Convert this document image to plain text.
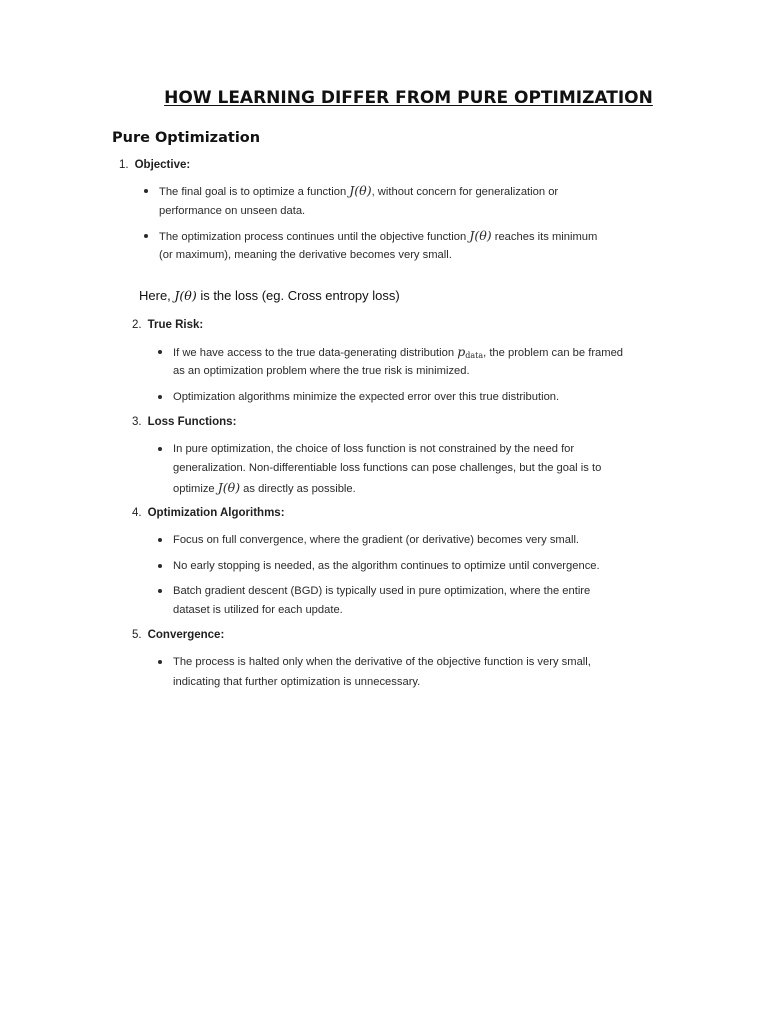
HOW LEARNING DIFFER FROM PURE OPTIMIZATION
Pure Optimization
1. Objective:
The final goal is to optimize a function J(θ), without concern for generalization or
performance on unseen data.
The optimization process continues until the objective function J(θ) reaches its minimum
(or maximum), meaning the derivative becomes very small.
Here, J(θ) is the loss (eg. Cross entropy loss)
2. True Risk:
If we have access to the true data-generating distribution $p_{data}$, the problem can be framed
as an optimization problem where the true risk is minimized.
Optimization algorithms minimize the expected error over this true distribution.
3. Loss Functions:
In pure optimization, the choice of loss function is not constrained by the need for
generalization. Non-differentiable loss functions can pose challenges, but the goal is to
optimize J(θ) as directly as possible.
4. Optimization Algorithms:
Focus on full convergence, where the gradient (or derivative) becomes very small.
No early stopping is needed, as the algorithm continues to optimize until convergence.
Batch gradient descent (BGD) is typically used in pure optimization, where the entire
dataset is utilized for each update.
5. Convergence:
The process is halted only when the derivative of the objective function is very small,
indicating that further optimization is unnecessary.
